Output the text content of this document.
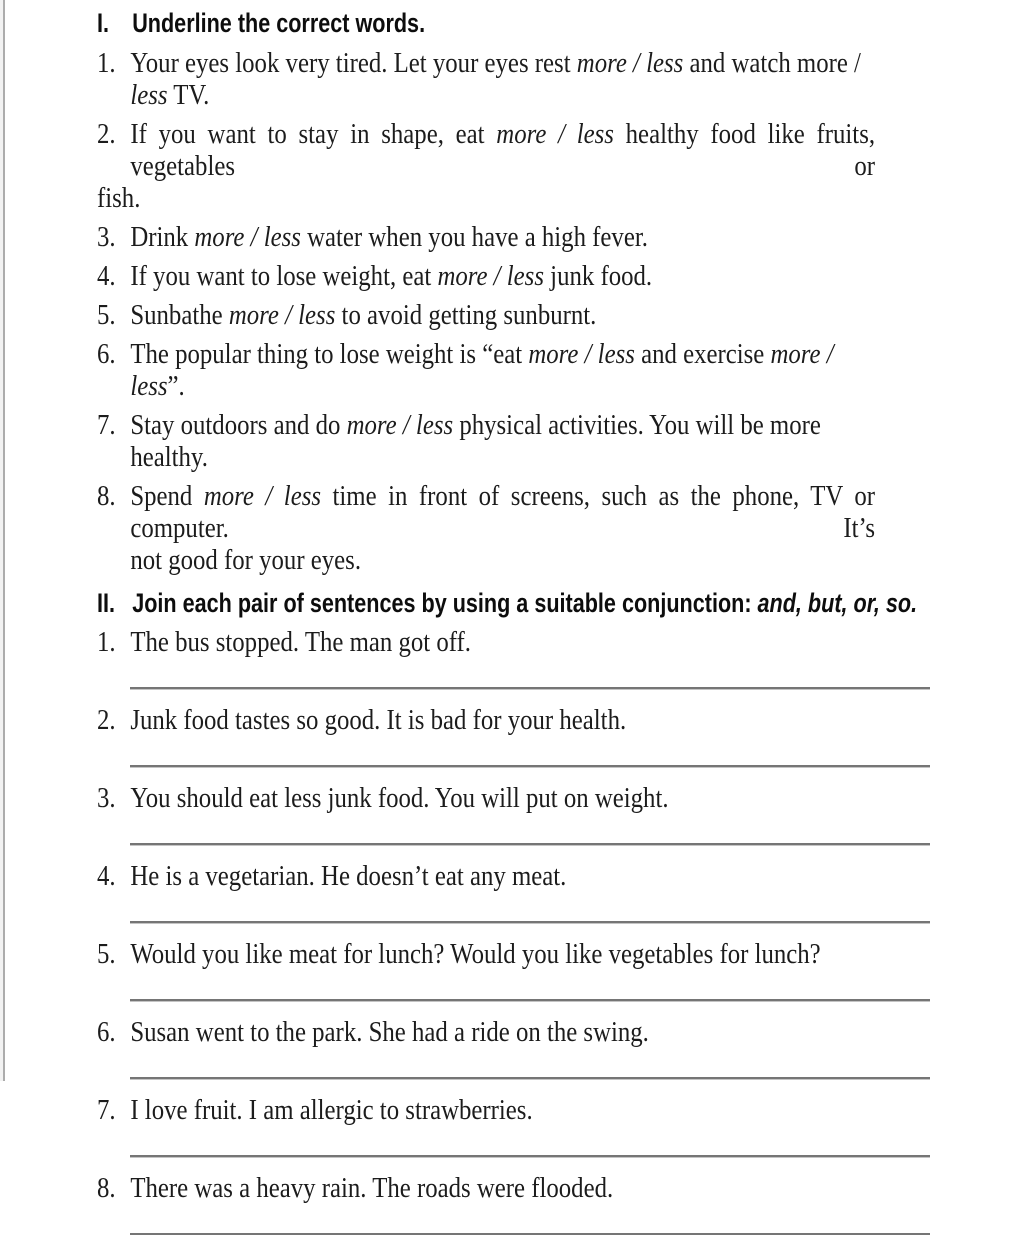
I. Underline the correct words.
1. Your eyes look very tired. Let your eyes rest more / less and watch more / less TV.
2. If you want to stay in shape, eat more / less healthy food like fruits, vegetables or
fish.
3. Drink more / less water when you have a high fever.
4. If you want to lose weight, eat more / less junk food.
5. Sunbathe more / less to avoid getting sunburnt.
6. The popular thing to lose weight is “eat more / less and exercise more / less”.
7. Stay outdoors and do more / less physical activities. You will be more healthy.
8. Spend more / less time in front of screens, such as the phone, TV or computer. It’s
not good for your eyes.
II. Join each pair of sentences by using a suitable conjunction: and, but, or, so.
1. The bus stopped. The man got off.
2. Junk food tastes so good. It is bad for your health.
3. You should eat less junk food. You will put on weight.
4. He is a vegetarian. He doesn’t eat any meat.
5. Would you like meat for lunch? Would you like vegetables for lunch?
6. Susan went to the park. She had a ride on the swing.
7. I love fruit. I am allergic to strawberries.
8. There was a heavy rain. The roads were flooded.
